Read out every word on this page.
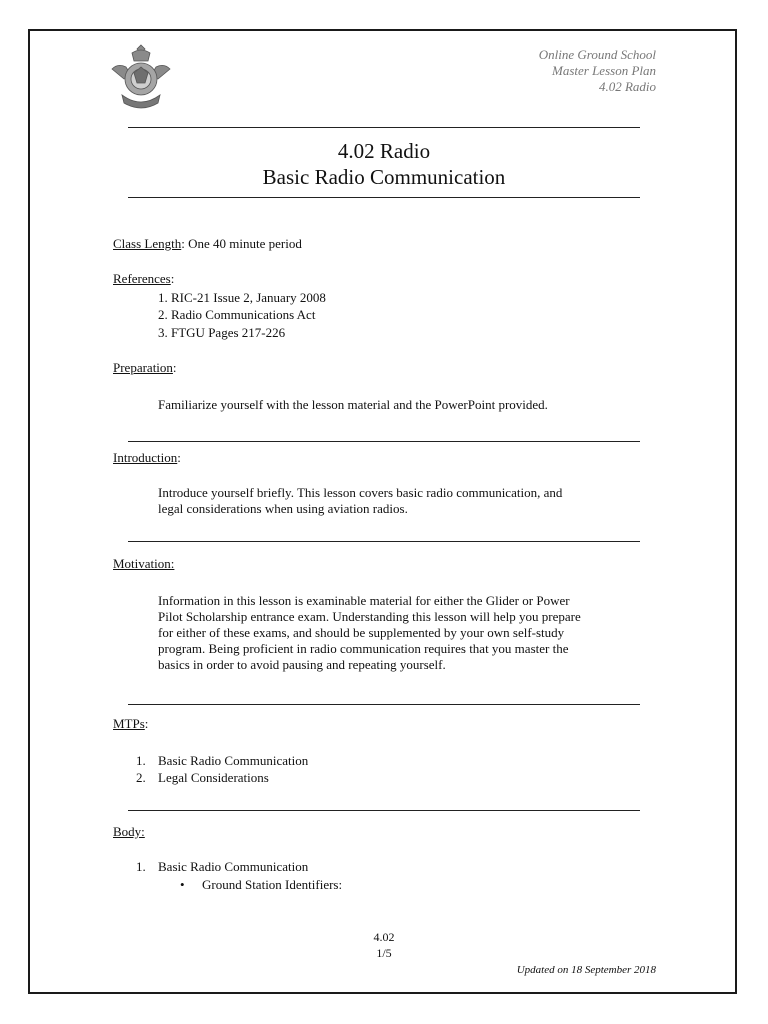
Online Ground School
Master Lesson Plan
4.02 Radio
4.02 Radio
Basic Radio Communication
Class Length: One 40 minute period
References:
1. RIC-21 Issue 2, January 2008
2. Radio Communications Act
3. FTGU Pages 217-226
Preparation:
Familiarize yourself with the lesson material and the PowerPoint provided.
Introduction:
Introduce yourself briefly. This lesson covers basic radio communication, and
legal considerations when using aviation radios.
Motivation:
Information in this lesson is examinable material for either the Glider or Power
Pilot Scholarship entrance exam. Understanding this lesson will help you prepare
for either of these exams, and should be supplemented by your own self-study
program. Being proficient in radio communication requires that you master the
basics in order to avoid pausing and repeating yourself.
MTPs:
1. Basic Radio Communication
2. Legal Considerations
Body:
1. Basic Radio Communication
• Ground Station Identifiers:
4.02
1/5
Updated on 18 September 2018
